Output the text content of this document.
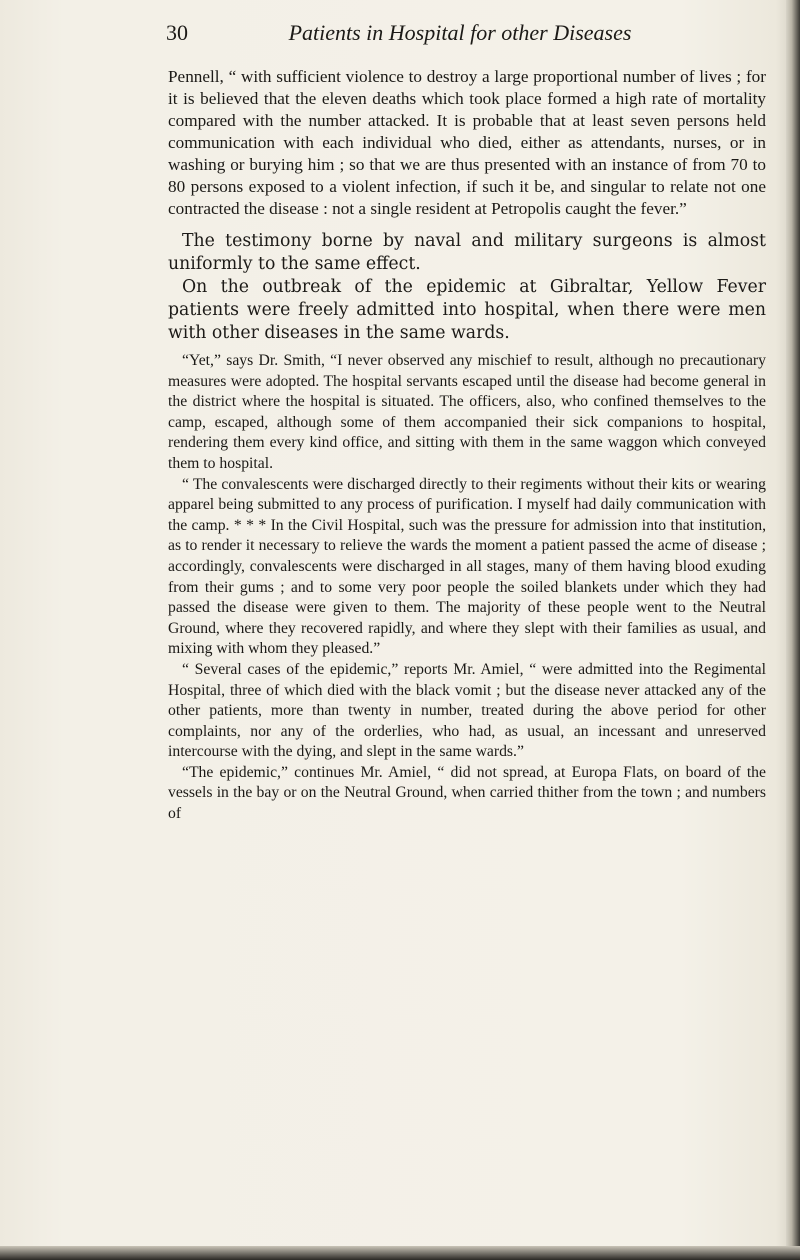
30	Patients in Hospital for other Diseases

Pennell, “ with sufficient violence to destroy a large proportional number of lives ; for it is believed that the eleven deaths which took place formed a high rate of mortality compared with the number attacked. It is probable that at least seven persons held communication with each individual who died, either as attendants, nurses, or in washing or burying him ; so that we are thus presented with an instance of from 70 to 80 persons exposed to a violent infection, if such it be, and singular to relate not one contracted the disease : not a single resident at Petropolis caught the fever.”

The testimony borne by naval and military surgeons is almost uniformly to the same effect.

On the outbreak of the epidemic at Gibraltar, Yellow Fever patients were freely admitted into hospital, when there were men with other diseases in the same wards.

“Yet,” says Dr. Smith, “I never observed any mischief to result, although no precautionary measures were adopted. The hospital servants escaped until the disease had become general in the district where the hospital is situated. The officers, also, who confined themselves to the camp, escaped, although some of them accompanied their sick companions to hospital, rendering them every kind office, and sitting with them in the same waggon which conveyed them to hospital.

“ The convalescents were discharged directly to their regiments without their kits or wearing apparel being submitted to any process of purification. I myself had daily communication with the camp. * * * In the Civil Hospital, such was the pressure for admission into that institution, as to render it necessary to relieve the wards the moment a patient passed the acme of disease ; accordingly, convalescents were discharged in all stages, many of them having blood exuding from their gums ; and to some very poor people the soiled blankets under which they had passed the disease were given to them. The majority of these people went to the Neutral Ground, where they recovered rapidly, and where they slept with their families as usual, and mixing with whom they pleased.”

“ Several cases of the epidemic,” reports Mr. Amiel, “ were admitted into the Regimental Hospital, three of which died with the black vomit ; but the disease never attacked any of the other patients, more than twenty in number, treated during the above period for other complaints, nor any of the orderlies, who had, as usual, an incessant and unreserved intercourse with the dying, and slept in the same wards.”

“The epidemic,” continues Mr. Amiel, “ did not spread, at Europa Flats, on board of the vessels in the bay or on the Neutral Ground, when carried thither from the town ; and numbers of
